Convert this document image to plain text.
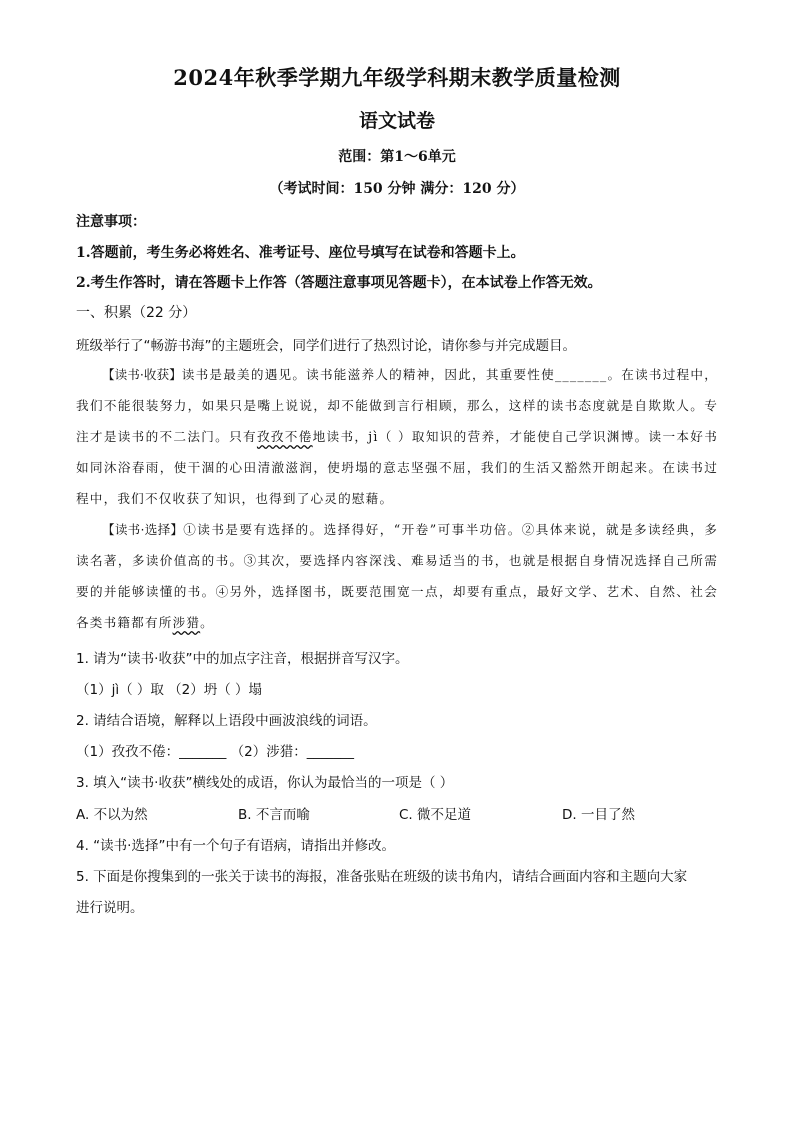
2024年秋季学期九年级学科期末教学质量检测
语文试卷
范围：第1～6单元
（考试时间：150 分钟 满分：120 分）
注意事项：
1.答题前，考生务必将姓名、准考证号、座位号填写在试卷和答题卡上。
2.考生作答时，请在答题卡上作答（答题注意事项见答题卡），在本试卷上作答无效。
一、积累（22 分）
班级举行了“畅游书海”的主题班会，同学们进行了热烈讨论，请你参与并完成题目。

【读书·收获】读书是最美的遇见。读书能滋养人的精神，因此，其重要性使_______。在读书过程中，我们不能很装努力，如果只是嘴上说说，却不能做到言行相顾，那么，这样的读书态度就是自欺欺人。专注才是读书的不二法门。只有孜孜不倦地读书，jì（ ）取知识的营养，才能使自己学识渊博。读一本好书如同沐浴春雨，使干涸的心田清澈滋润，使坍塌的意志坚强不屈，我们的生活又豁然开朗起来。在读书过程中，我们不仅收获了知识，也得到了心灵的慰藉。

【读书·选择】①读书是要有选择的。选择得好，“开卷”可事半功倍。②具体来说，就是多读经典，多读名著，多读价值高的书。③其次，要选择内容深浅、难易适当的书，也就是根据自身情况选择自己所需要的并能够读懂的书。④另外，选择图书，既要范围宽一点，却要有重点，最好文学、艺术、自然、社会各类书籍都有所涉猎。

1. 请为“读书·收获”中的加点字注音，根据拼音写汉字。
（1）jì（ ）取 （2）坍（ ）塌
2. 请结合语境，解释以上语段中画波浪线的词语。
（1）孜孜不倦：_______ （2）涉猎：_______
3. 填入“读书·收获”横线处的成语，你认为最恰当的一项是（ ）
A. 不以为然	B. 不言而喻	C. 微不足道	D. 一目了然
4. “读书·选择”中有一个句子有语病，请指出并修改。
5. 下面是你搜集到的一张关于读书的海报，准备张贴在班级的读书角内，请结合画面内容和主题向大家
进行说明。
